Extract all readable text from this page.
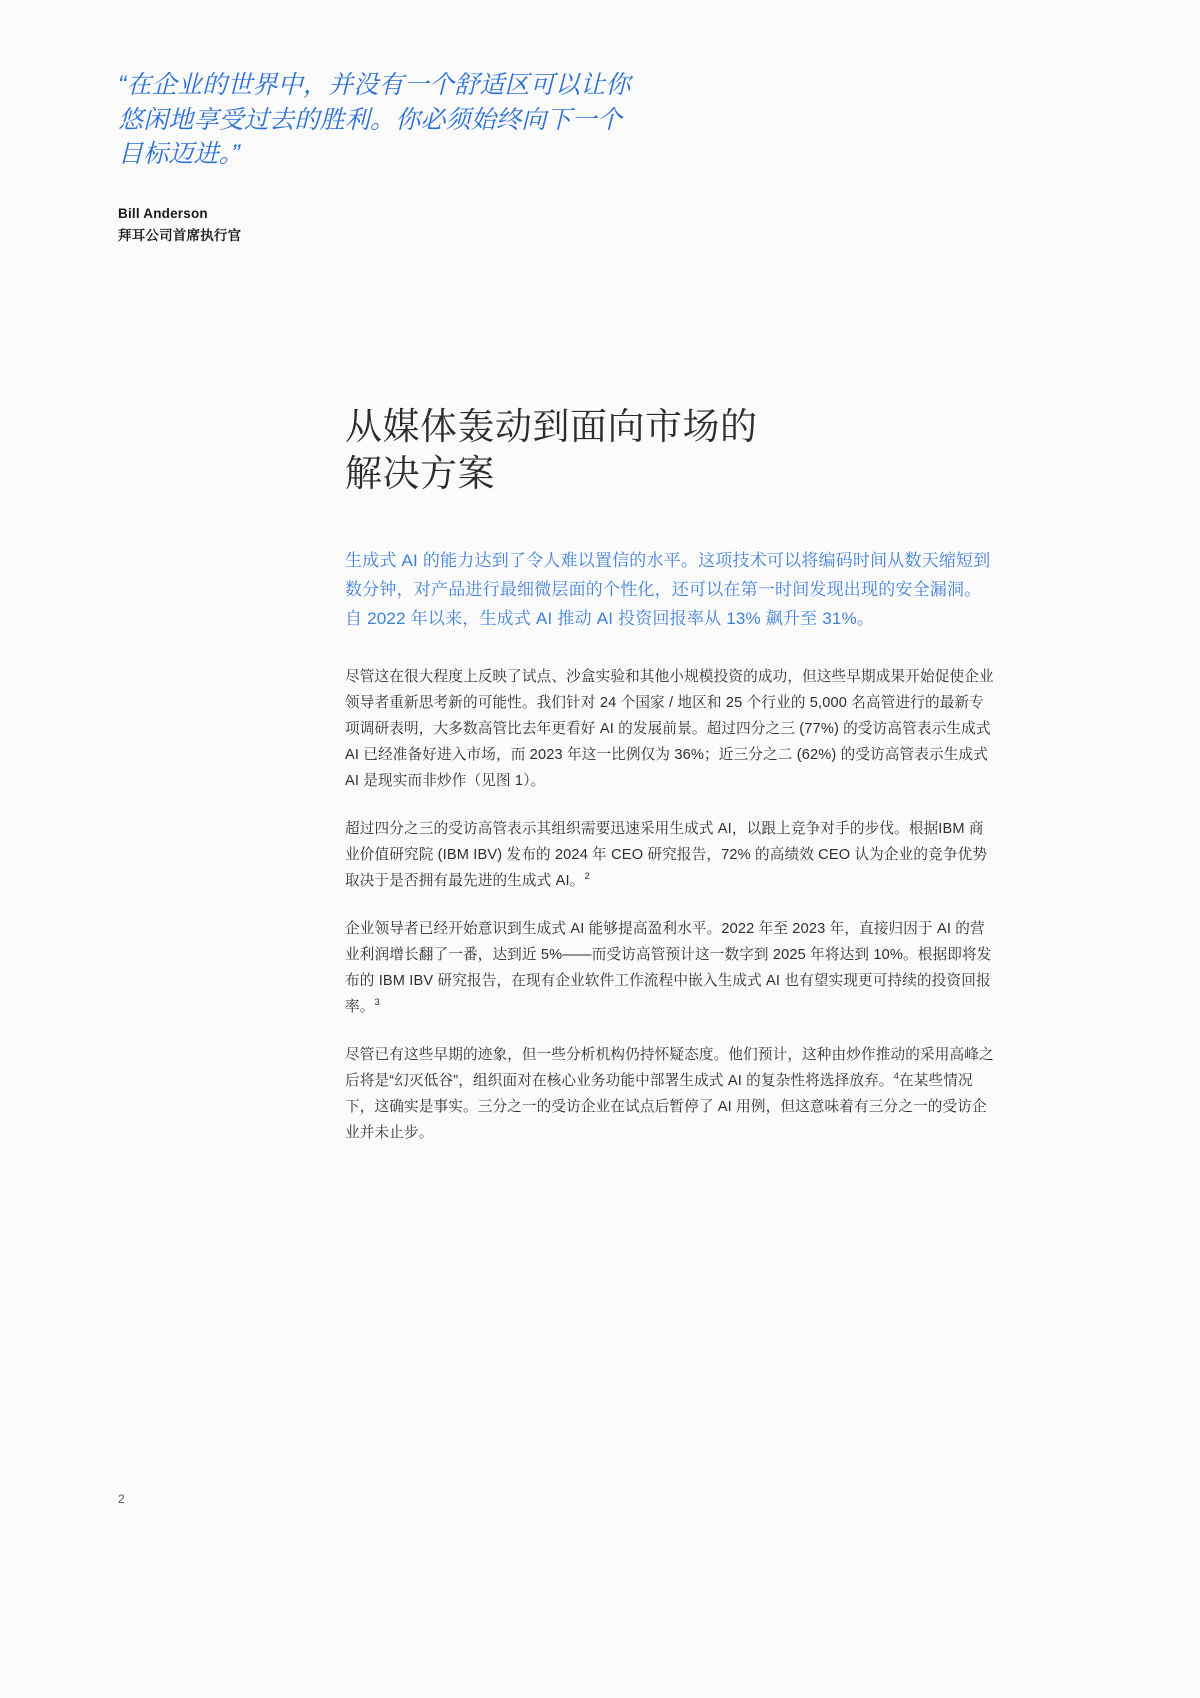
“在企业的世界中，并没有一个舒适区可以让你
悠闲地享受过去的胜利。你必须始终向下一个
目标迈进。”
Bill Anderson
拜耳公司首席执行官
从媒体轰动到面向市场的
解决方案
生成式 AI 的能力达到了令人难以置信的水平。这项技术可以将编码时间从数天缩短到数分钟，对产品进行最细微层面的个性化，还可以在第一时间发现出现的安全漏洞。自 2022 年以来，生成式 AI 推动 AI 投资回报率从 13% 飙升至 31%。

尽管这在很大程度上反映了试点、沙盒实验和其他小规模投资的成功，但这些早期成果开始促使企业领导者重新思考新的可能性。我们针对 24 个国家 / 地区和 25 个行业的 5,000 名高管进行的最新专项调研表明，大多数高管比去年更看好 AI 的发展前景。超过四分之三 (77%) 的受访高管表示生成式 AI 已经准备好进入市场，而 2023 年这一比例仅为 36%；近三分之二 (62%) 的受访高管表示生成式 AI 是现实而非炒作（见图 1）。

超过四分之三的受访高管表示其组织需要迅速采用生成式 AI，以跟上竞争对手的步伐。根据IBM 商业价值研究院 (IBM IBV) 发布的 2024 年 CEO 研究报告，72% 的高绩效 CEO 认为企业的竞争优势取决于是否拥有最先进的生成式 AI。$^2$

企业领导者已经开始意识到生成式 AI 能够提高盈利水平。2022 年至 2023 年，直接归因于 AI 的营业利润增长翻了一番，达到近 5%——而受访高管预计这一数字到 2025 年将达到 10%。根据即将发布的 IBM IBV 研究报告，在现有企业软件工作流程中嵌入生成式 AI 也有望实现更可持续的投资回报率。$^3$

尽管已有这些早期的迹象，但一些分析机构仍持怀疑态度。他们预计，这种由炒作推动的采用高峰之后将是“幻灭低谷”，组织面对在核心业务功能中部署生成式 AI 的复杂性将选择放弃。$^4$在某些情况下，这确实是事实。三分之一的受访企业在试点后暂停了 AI 用例，但这意味着有三分之一的受访企业并未止步。

2
